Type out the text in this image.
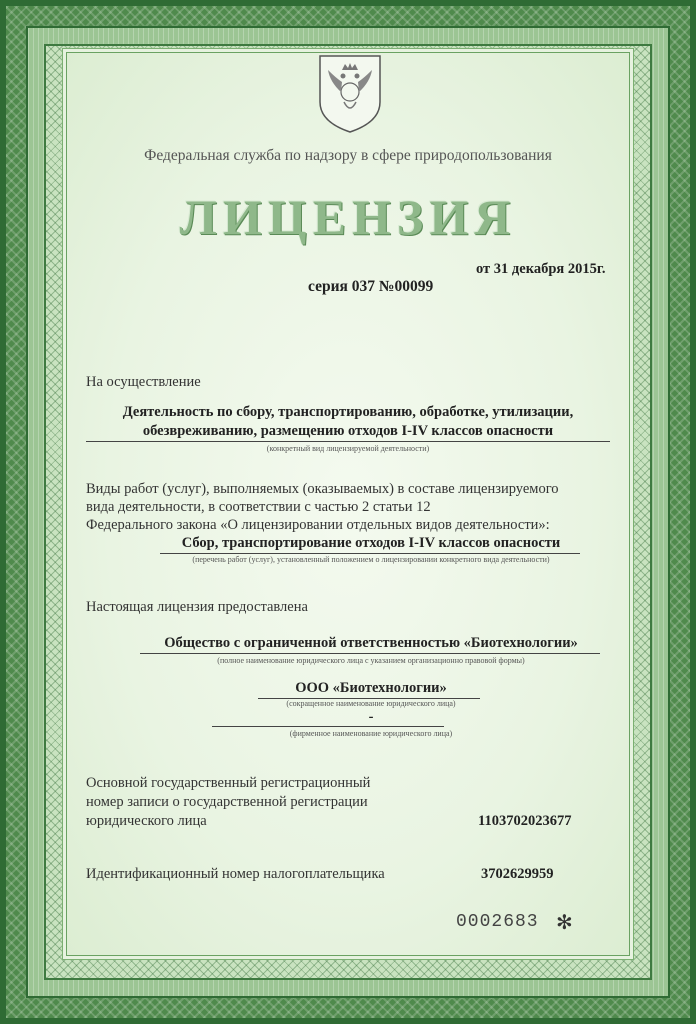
Федеральная служба по надзору в сфере природопользования
ЛИЦЕНЗИЯ
от 31 декабря 2015г.
серия 037 №00099
На осуществление
Деятельность по сбору, транспортированию, обработке, утилизации,
обезвреживанию, размещению отходов I-IV классов опасности
(конкретный вид лицензируемой деятельности)
Виды работ (услуг), выполняемых (оказываемых) в составе лицензируемого
вида деятельности, в соответствии с частью 2 статьи 12
Федерального закона «О лицензировании отдельных видов деятельности»:
Сбор, транспортирование отходов I-IV классов опасности
(перечень работ (услуг), установленный положением о лицензировании конкретного вида деятельности)
Настоящая лицензия предоставлена
Общество с ограниченной ответственностью «Биотехнологии»
(полное наименование юридического лица с указанием организационно правовой формы)
ООО «Биотехнологии»
(сокращенное наименование юридического лица)
-
(фирменное наименование юридического лица)
Основной государственный регистрационный
номер записи о государственной регистрации
юридического лица	1103702023677
Идентификационный номер налогоплательщика	3702629959
0002683 ✻
